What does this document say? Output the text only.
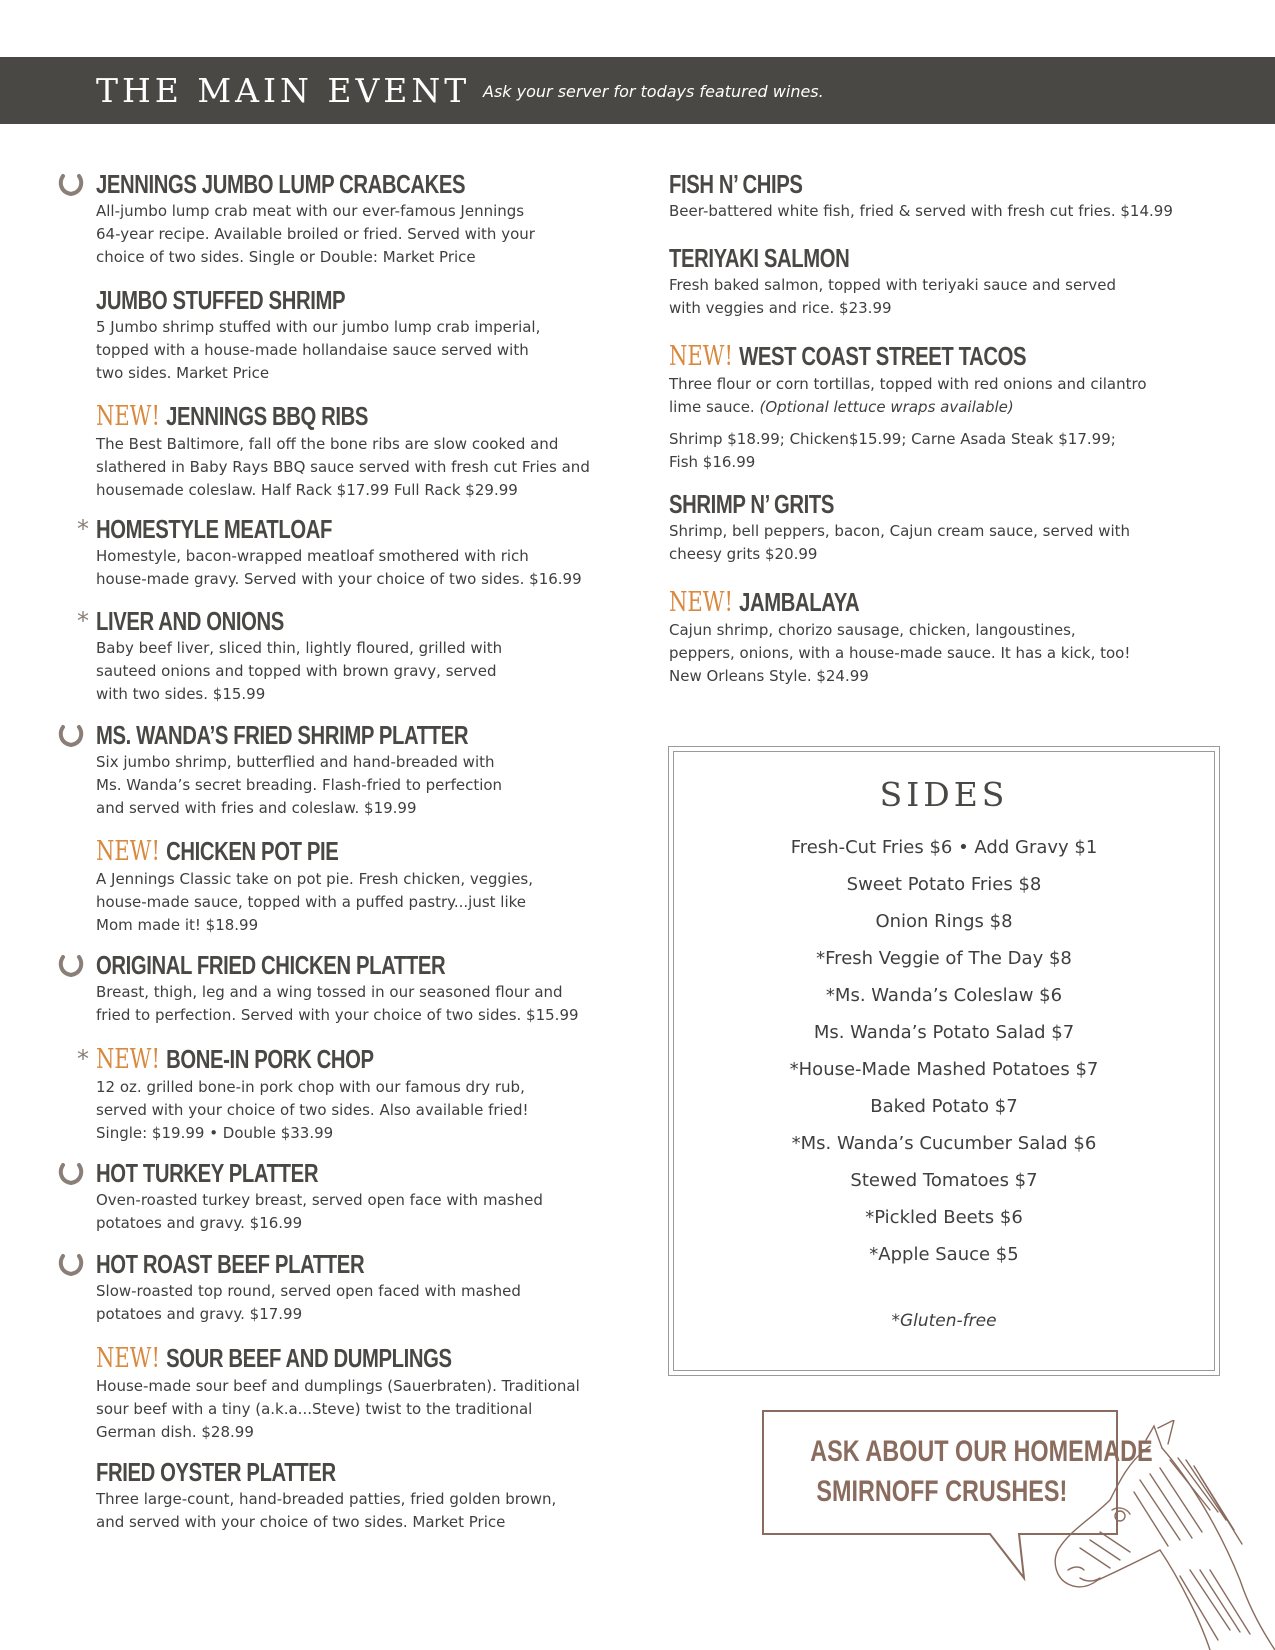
THE MAIN EVENT Ask your server for todays featured wines.
JENNINGS JUMBO LUMP CRABCAKES
All-jumbo lump crab meat with our ever-famous Jennings
64-year recipe. Available broiled or fried. Served with your
choice of two sides. Single or Double: Market Price
JUMBO STUFFED SHRIMP
5 Jumbo shrimp stuffed with our jumbo lump crab imperial,
topped with a house-made hollandaise sauce served with
two sides. Market Price
NEW! JENNINGS BBQ RIBS
The Best Baltimore, fall off the bone ribs are slow cooked and
slathered in Baby Rays BBQ sauce served with fresh cut Fries and
housemade coleslaw. Half Rack $17.99 Full Rack $29.99
* HOMESTYLE MEATLOAF
Homestyle, bacon-wrapped meatloaf smothered with rich
house-made gravy. Served with your choice of two sides. $16.99
* LIVER AND ONIONS
Baby beef liver, sliced thin, lightly floured, grilled with
sauteed onions and topped with brown gravy, served
with two sides. $15.99
MS. WANDA’S FRIED SHRIMP PLATTER
Six jumbo shrimp, butterflied and hand-breaded with
Ms. Wanda’s secret breading. Flash-fried to perfection
and served with fries and coleslaw. $19.99
NEW! CHICKEN POT PIE
A Jennings Classic take on pot pie. Fresh chicken, veggies,
house-made sauce, topped with a puffed pastry...just like
Mom made it! $18.99
ORIGINAL FRIED CHICKEN PLATTER
Breast, thigh, leg and a wing tossed in our seasoned flour and
fried to perfection. Served with your choice of two sides. $15.99
* NEW! BONE-IN PORK CHOP
12 oz. grilled bone-in pork chop with our famous dry rub,
served with your choice of two sides. Also available fried!
Single: $19.99 • Double $33.99
HOT TURKEY PLATTER
Oven-roasted turkey breast, served open face with mashed
potatoes and gravy. $16.99
HOT ROAST BEEF PLATTER
Slow-roasted top round, served open faced with mashed
potatoes and gravy. $17.99
NEW! SOUR BEEF AND DUMPLINGS
House-made sour beef and dumplings (Sauerbraten). Traditional
sour beef with a tiny (a.k.a...Steve) twist to the traditional
German dish. $28.99
FRIED OYSTER PLATTER
Three large-count, hand-breaded patties, fried golden brown,
and served with your choice of two sides. Market Price
FISH N’ CHIPS
Beer-battered white fish, fried & served with fresh cut fries. $14.99
TERIYAKI SALMON
Fresh baked salmon, topped with teriyaki sauce and served
with veggies and rice. $23.99
NEW! WEST COAST STREET TACOS
Three flour or corn tortillas, topped with red onions and cilantro
lime sauce. (Optional lettuce wraps available)
Shrimp $18.99; Chicken$15.99; Carne Asada Steak $17.99;
Fish $16.99
SHRIMP N’ GRITS
Shrimp, bell peppers, bacon, Cajun cream sauce, served with
cheesy grits $20.99
NEW! JAMBALAYA
Cajun shrimp, chorizo sausage, chicken, langoustines,
peppers, onions, with a house-made sauce. It has a kick, too!
New Orleans Style. $24.99
SIDES
Fresh-Cut Fries $6 • Add Gravy $1
Sweet Potato Fries $8
Onion Rings $8
*Fresh Veggie of The Day $8
*Ms. Wanda’s Coleslaw $6
Ms. Wanda’s Potato Salad $7
*House-Made Mashed Potatoes $7
Baked Potato $7
*Ms. Wanda’s Cucumber Salad $6
Stewed Tomatoes $7
*Pickled Beets $6
*Apple Sauce $5
*Gluten-free
ASK ABOUT OUR HOMEMADE
SMIRNOFF CRUSHES!
